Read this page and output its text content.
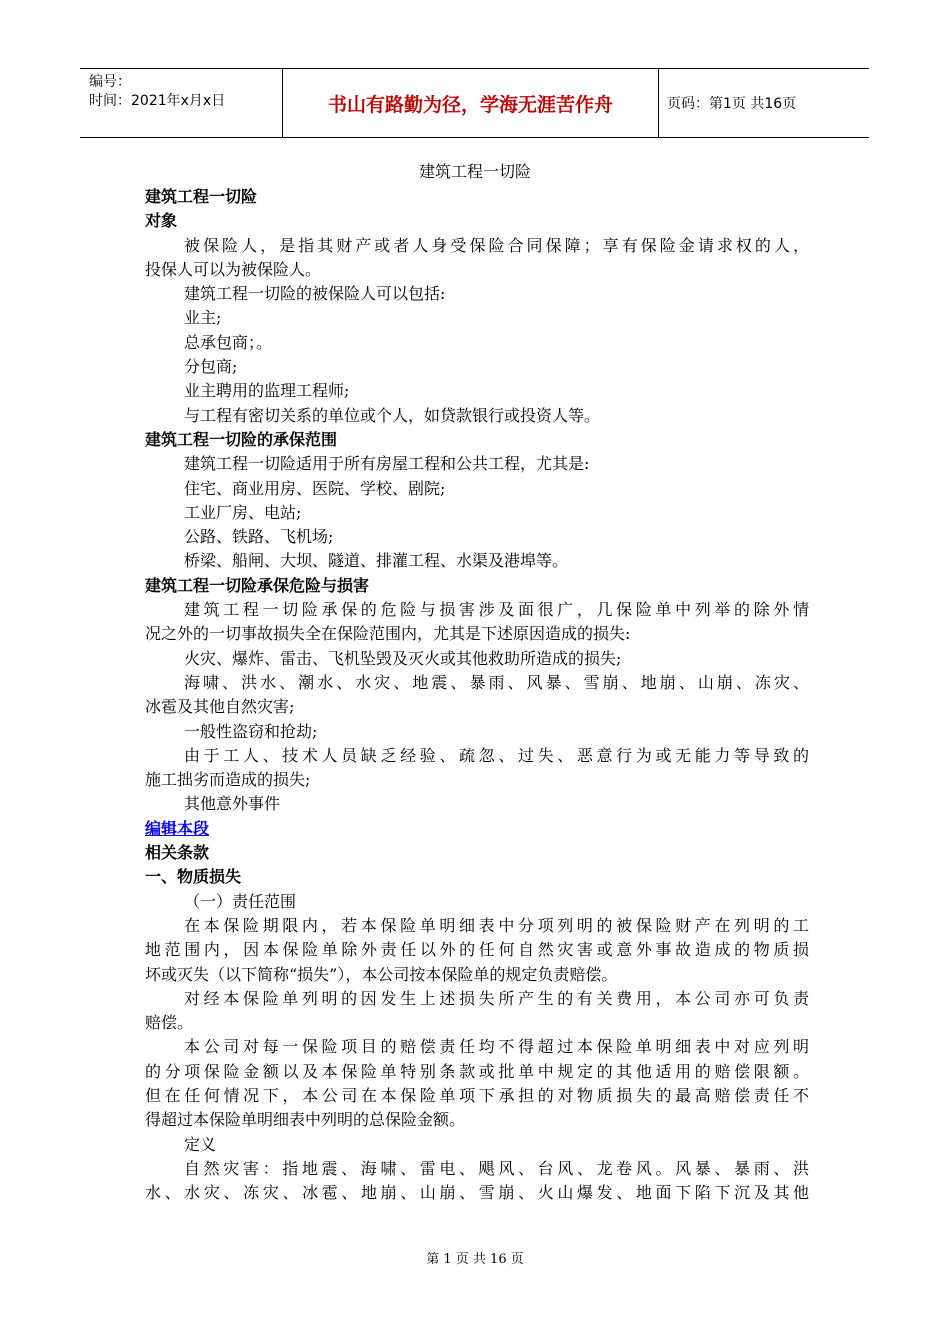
编号：
时间：2021年x月x日	书山有路勤为径，学海无涯苦作舟	页码：第1页 共16页
建筑工程一切险
建筑工程一切险
对象
被保险人，是指其财产或者人身受保险合同保障；享有保险金请求权的人，
投保人可以为被保险人。
建筑工程一切险的被保险人可以包括:
业主;
总承包商；。
分包商;
业主聘用的监理工程师;
与工程有密切关系的单位或个人，如贷款银行或投资人等。
建筑工程一切险的承保范围
建筑工程一切险适用于所有房屋工程和公共工程，尤其是:
住宅、商业用房、医院、学校、剧院;
工业厂房、电站;
公路、铁路、飞机场;
桥梁、船闸、大坝、隧道、排灌工程、水渠及港埠等。
建筑工程一切险承保危险与损害
建筑工程一切险承保的危险与损害涉及面很广，几保险单中列举的除外情
况之外的一切事故损失全在保险范围内，尤其是下述原因造成的损失:
火灾、爆炸、雷击、飞机坠毁及灭火或其他救助所造成的损失;
海啸、洪水、潮水、水灾、地震、暴雨、风暴、雪崩、地崩、山崩、冻灾、
冰雹及其他自然灾害;
一般性盗窃和抢劫;
由于工人、技术人员缺乏经验、疏忽、过失、恶意行为或无能力等导致的
施工拙劣而造成的损失;
其他意外事件
编辑本段
相关条款
一、物质损失
（一）责任范围
在本保险期限内，若本保险单明细表中分项列明的被保险财产在列明的工
地范围内，因本保险单除外责任以外的任何自然灾害或意外事故造成的物质损
坏或灭失（以下简称“损失”），本公司按本保险单的规定负责赔偿。
对经本保险单列明的因发生上述损失所产生的有关费用，本公司亦可负责
赔偿。
本公司对每一保险项目的赔偿责任均不得超过本保险单明细表中对应列明
的分项保险金额以及本保险单特别条款或批单中规定的其他适用的赔偿限额。
但在任何情况下，本公司在本保险单项下承担的对物质损失的最高赔偿责任不
得超过本保险单明细表中列明的总保险金额。
定义
自然灾害：指地震、海啸、雷电、飓风、台风、龙卷风。风暴、暴雨、洪
水、水灾、冻灾、冰雹、地崩、山崩、雪崩、火山爆发、地面下陷下沉及其他
第 1 页 共 16 页
